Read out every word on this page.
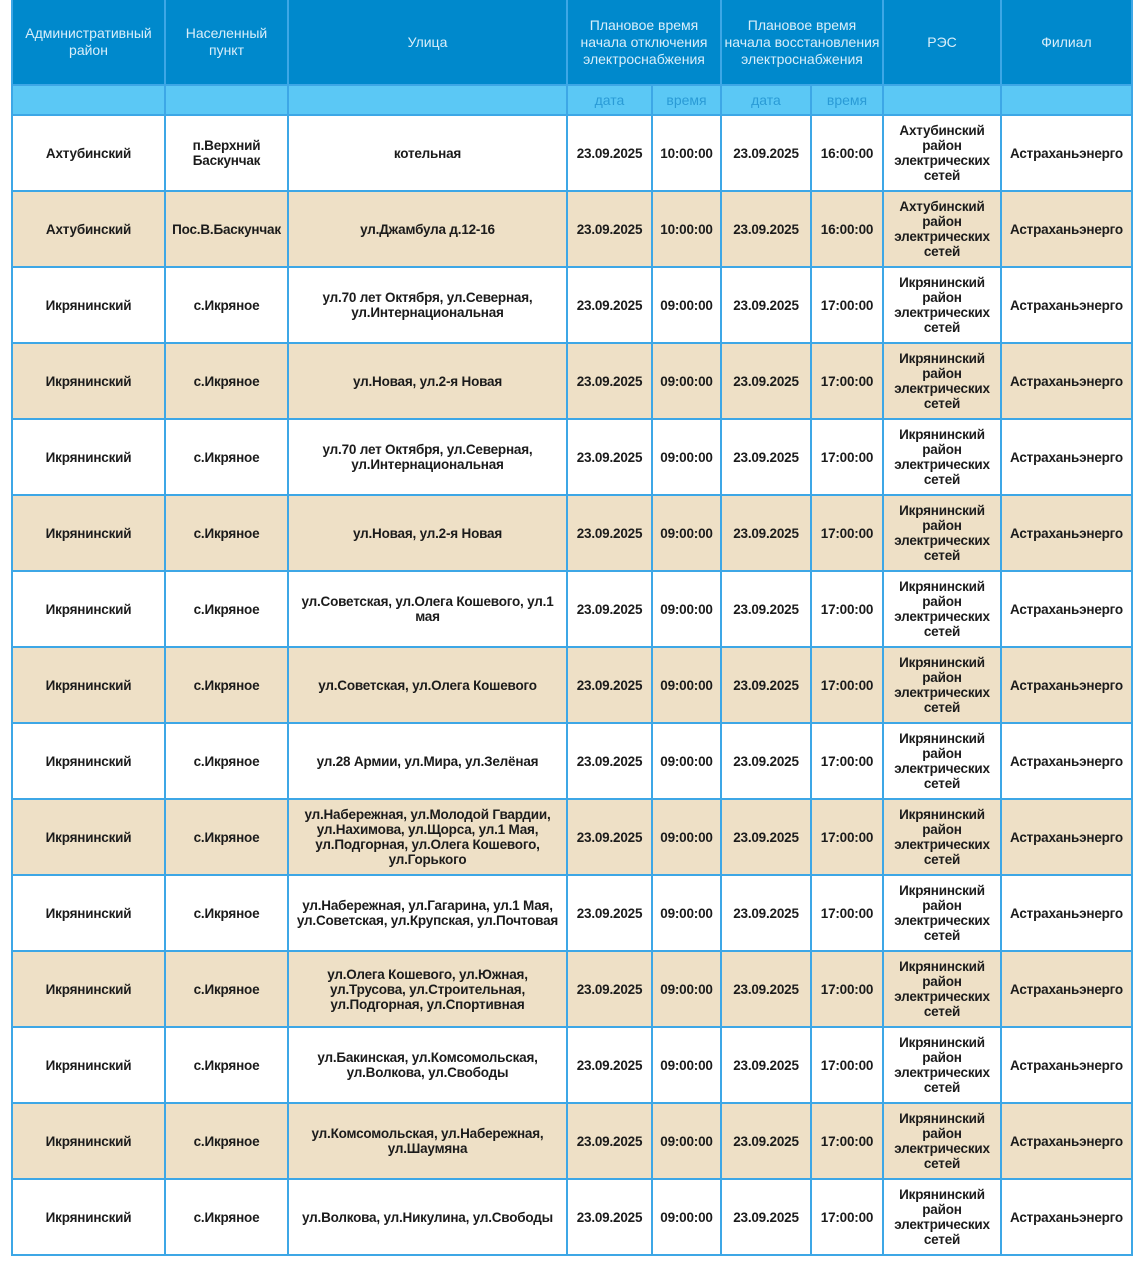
Административный район	Населенный пункт	Улица	Плановое время начала отключения электроснабжения		Плановое время начала восстановления электроснабжения		РЭС	Филиал
			дата	время	дата	время		
Ахтубинский	п.Верхний Баскунчак	котельная	23.09.2025	10:00:00	23.09.2025	16:00:00	Ахтубинский район электрических сетей	Астраханьэнерго
Ахтубинский	Пос.В.Баскунчак	ул.Джамбула д.12-16	23.09.2025	10:00:00	23.09.2025	16:00:00	Ахтубинский район электрических сетей	Астраханьэнерго
Икрянинский	с.Икряное	ул.70 лет Октября, ул.Северная, ул.Интернациональная	23.09.2025	09:00:00	23.09.2025	17:00:00	Икрянинский район электрических сетей	Астраханьэнерго
Икрянинский	с.Икряное	ул.Новая, ул.2-я Новая	23.09.2025	09:00:00	23.09.2025	17:00:00	Икрянинский район электрических сетей	Астраханьэнерго
Икрянинский	с.Икряное	ул.70 лет Октября, ул.Северная, ул.Интернациональная	23.09.2025	09:00:00	23.09.2025	17:00:00	Икрянинский район электрических сетей	Астраханьэнерго
Икрянинский	с.Икряное	ул.Новая, ул.2-я Новая	23.09.2025	09:00:00	23.09.2025	17:00:00	Икрянинский район электрических сетей	Астраханьэнерго
Икрянинский	с.Икряное	ул.Советская, ул.Олега Кошевого, ул.1 мая	23.09.2025	09:00:00	23.09.2025	17:00:00	Икрянинский район электрических сетей	Астраханьэнерго
Икрянинский	с.Икряное	ул.Советская, ул.Олега Кошевого	23.09.2025	09:00:00	23.09.2025	17:00:00	Икрянинский район электрических сетей	Астраханьэнерго
Икрянинский	с.Икряное	ул.28 Армии, ул.Мира, ул.Зелёная	23.09.2025	09:00:00	23.09.2025	17:00:00	Икрянинский район электрических сетей	Астраханьэнерго
Икрянинский	с.Икряное	ул.Набережная, ул.Молодой Гвардии, ул.Нахимова, ул.Щорса, ул.1 Мая, ул.Подгорная, ул.Олега Кошевого, ул.Горького	23.09.2025	09:00:00	23.09.2025	17:00:00	Икрянинский район электрических сетей	Астраханьэнерго
Икрянинский	с.Икряное	ул.Набережная, ул.Гагарина, ул.1 Мая, ул.Советская, ул.Крупская, ул.Почтовая	23.09.2025	09:00:00	23.09.2025	17:00:00	Икрянинский район электрических сетей	Астраханьэнерго
Икрянинский	с.Икряное	ул.Олега Кошевого, ул.Южная, ул.Трусова, ул.Строительная, ул.Подгорная, ул.Спортивная	23.09.2025	09:00:00	23.09.2025	17:00:00	Икрянинский район электрических сетей	Астраханьэнерго
Икрянинский	с.Икряное	ул.Бакинская, ул.Комсомольская, ул.Волкова, ул.Свободы	23.09.2025	09:00:00	23.09.2025	17:00:00	Икрянинский район электрических сетей	Астраханьэнерго
Икрянинский	с.Икряное	ул.Комсомольская, ул.Набережная, ул.Шаумяна	23.09.2025	09:00:00	23.09.2025	17:00:00	Икрянинский район электрических сетей	Астраханьэнерго
Икрянинский	с.Икряное	ул.Волкова, ул.Никулина, ул.Свободы	23.09.2025	09:00:00	23.09.2025	17:00:00	Икрянинский район электрических сетей	Астраханьэнерго
